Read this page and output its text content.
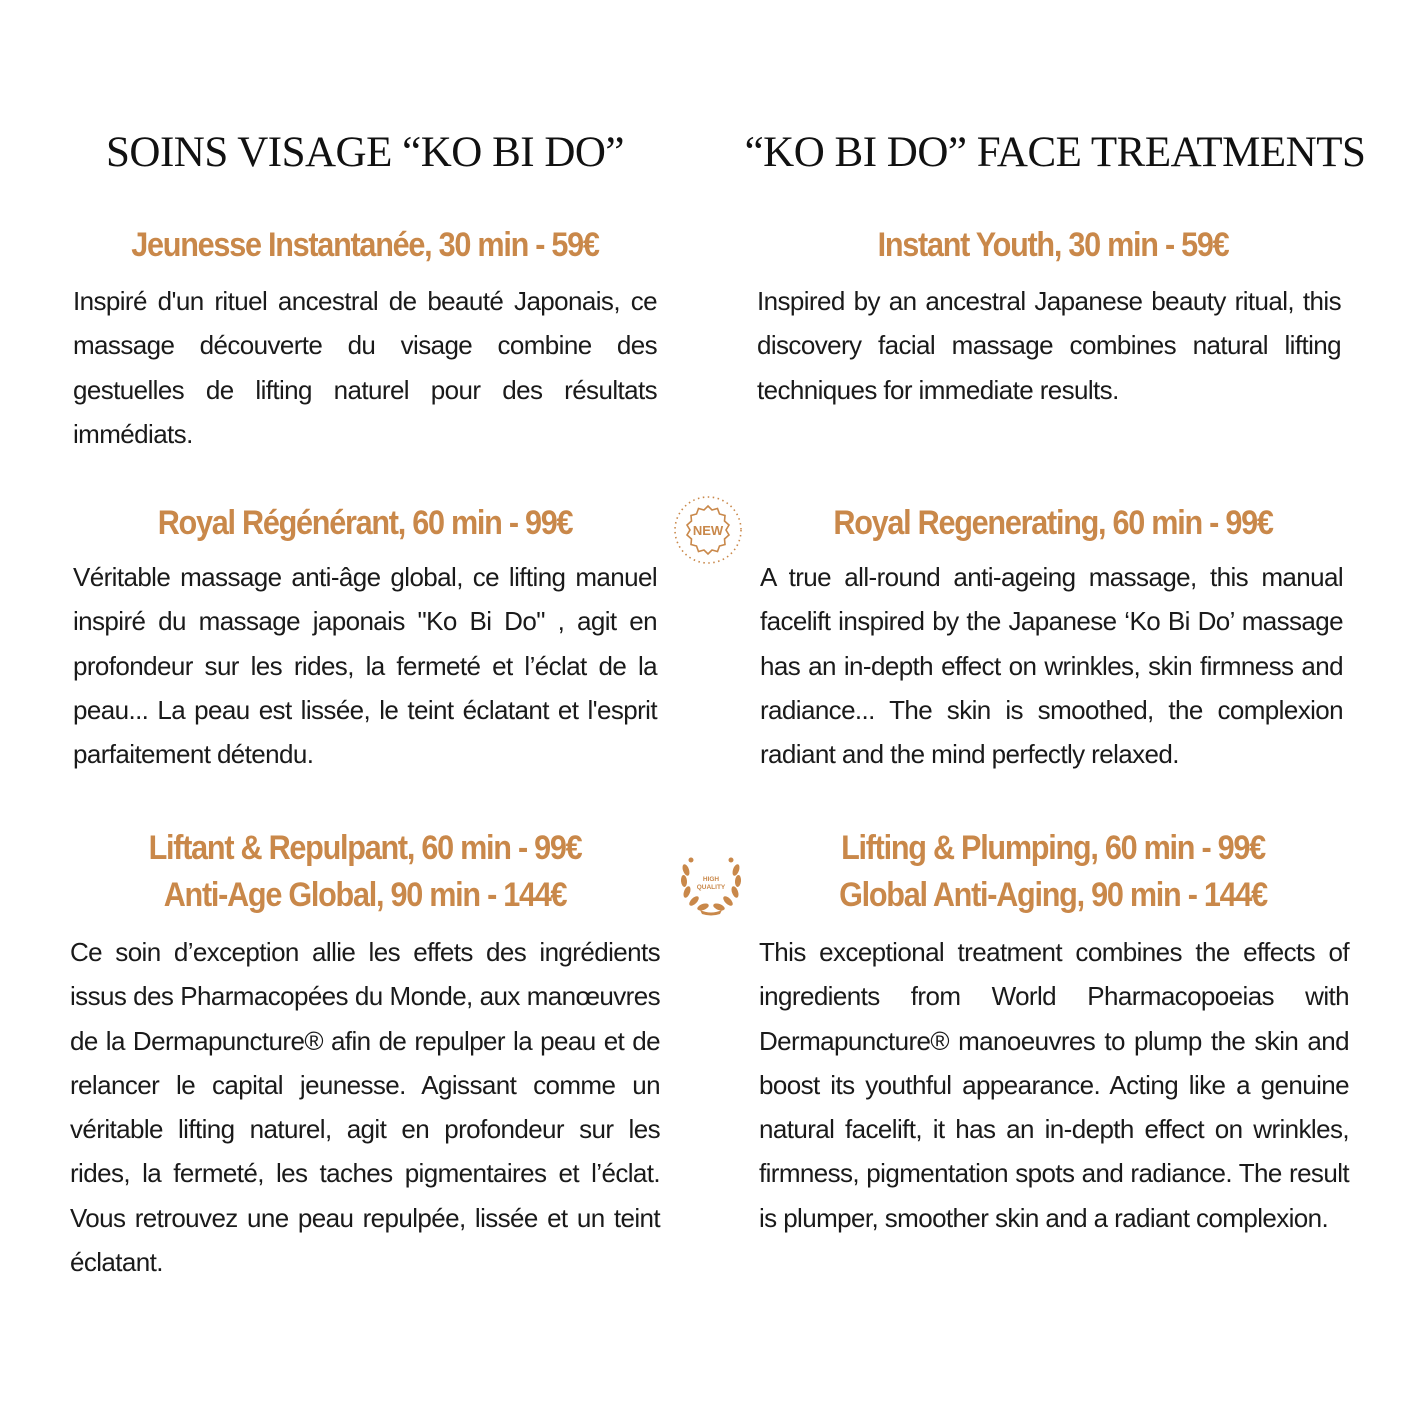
SOINS VISAGE “KO BI DO”	“KO BI DO” FACE TREATMENTS
Jeunesse Instantanée, 30 min - 59€

Inspiré d'un rituel ancestral de beauté Japonais, ce massage découverte du visage combine des gestuelles de lifting naturel pour des résultats immédiats.

Royal Régénérant, 60 min - 99€

Véritable massage anti-âge global, ce lifting manuel inspiré du massage japonais "Ko Bi Do" , agit en profondeur sur les rides, la fermeté et l’éclat de la peau... La peau est lissée, le teint éclatant et l'esprit parfaitement détendu.

Liftant & Repulpant, 60 min - 99€
Anti-Age Global, 90 min - 144€

Ce soin d’exception allie les effets des ingrédients issus des Pharmacopées du Monde, aux manœuvres de la Dermapuncture® afin de repulper la peau et de relancer le capital jeunesse. Agissant comme un véritable lifting naturel, agit en profondeur sur les rides, la fermeté, les taches pigmentaires et l’éclat. Vous retrouvez une peau repulpée, lissée et un teint éclatant.

Instant Youth, 30 min - 59€

Inspired by an ancestral Japanese beauty ritual, this discovery facial massage combines natural lifting techniques for immediate results.

Royal Regenerating, 60 min - 99€

A true all-round anti-ageing massage, this manual facelift inspired by the Japanese ‘Ko Bi Do’ massage has an in-depth effect on wrinkles, skin firmness and radiance... The skin is smoothed, the complexion radiant and the mind perfectly relaxed.

Lifting & Plumping, 60 min - 99€
Global Anti-Aging, 90 min - 144€

This exceptional treatment combines the effects of ingredients from World Pharmacopoeias with Dermapuncture® manoeuvres to plump the skin and boost its youthful appearance. Acting like a genuine natural facelift, it has an in-depth effect on wrinkles, firmness, pigmentation spots and radiance. The result is plumper, smoother skin and a radiant complexion.

NEW
HIGH
QUALITY
